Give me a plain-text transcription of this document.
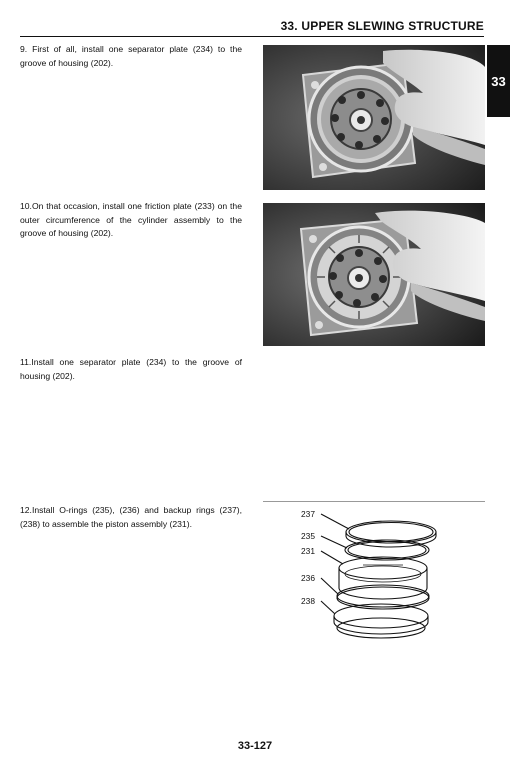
33. UPPER SLEWING STRUCTURE
33
9. First of all, install one separator plate (234) to the groove of housing (202).
10.On that occasion, install one friction plate (233) on the outer circumference of the cylinder assembly to the groove of housing (202).
11.Install one separator plate (234) to the groove of housing (202).
12.Install O-rings (235), (236) and backup rings (237), (238) to assemble the piston assembly (231).
237
235
231
236
238
33-127
